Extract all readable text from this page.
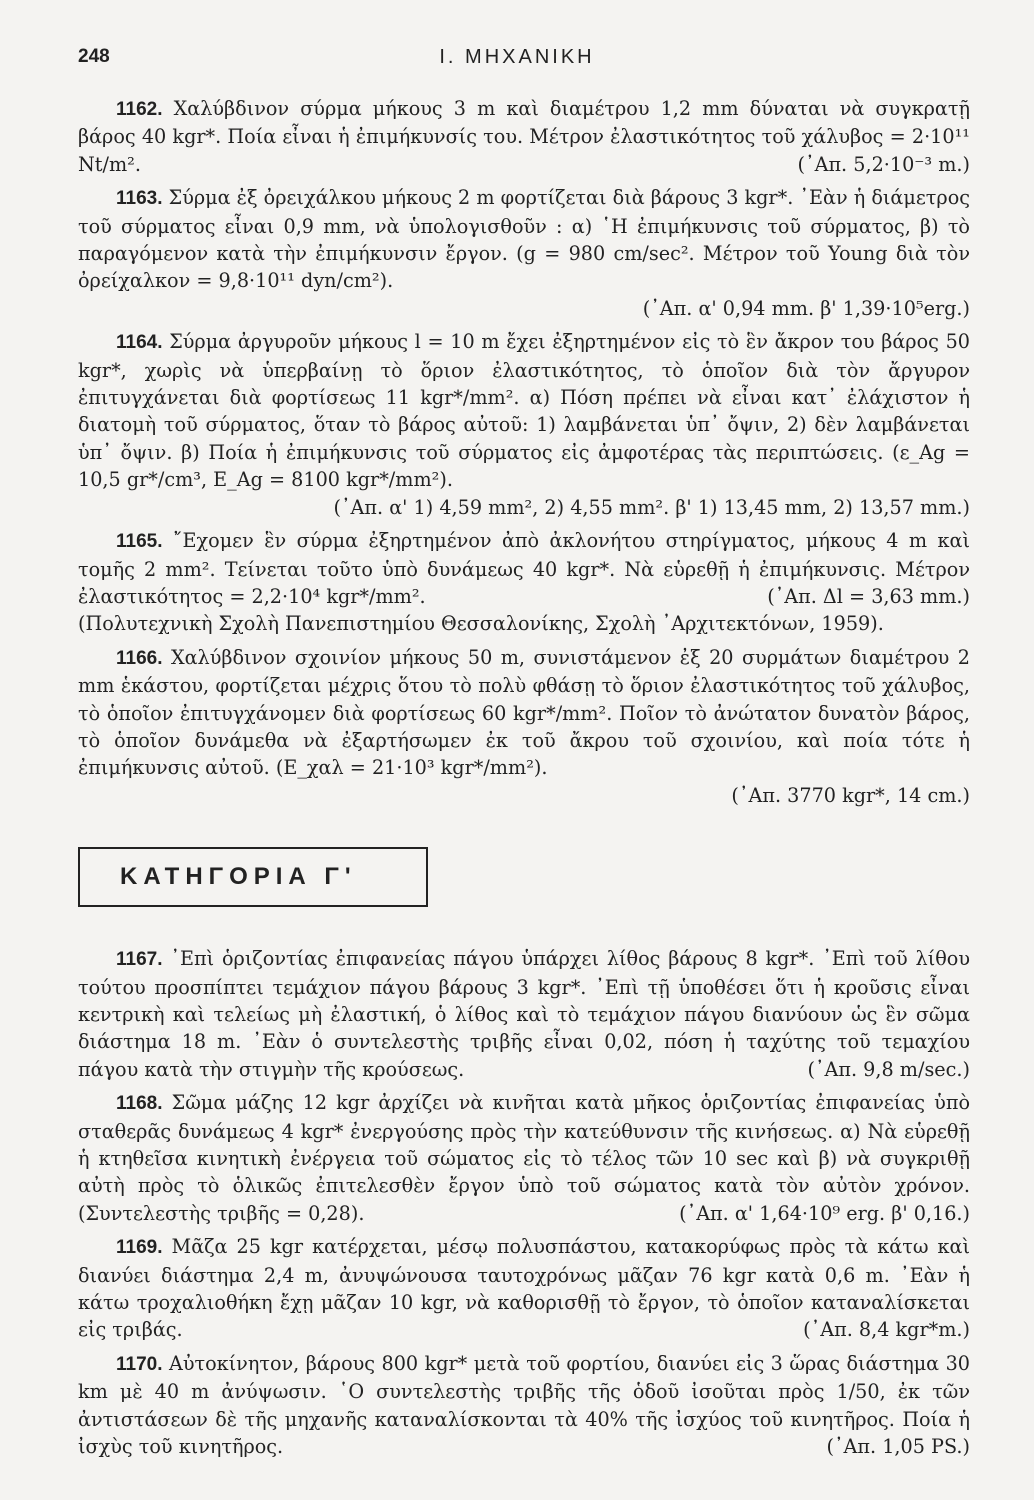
248	Ι. ΜΗΧΑΝΙΚΗ

1162. Χαλύβδινον σύρμα μήκους 3 m καὶ διαμέτρου 1,2 mm δύναται νὰ συγκρατῇ βάρος 40 kgr*. Ποία εἶναι ἡ ἐπιμήκυνσίς του. Μέτρον ἐλαστικότητος τοῦ χάλυβος = 2·10¹¹ Nt/m².	(᾿Απ. 5,2·10⁻³ m.)

1163. Σύρμα ἐξ ὀρειχάλκου μήκους 2 m φορτίζεται διὰ βάρους 3 kgr*. ᾿Εὰν ἡ διάμετρος τοῦ σύρματος εἶναι 0,9 mm, νὰ ὑπολογισθοῦν : α) ῾Η ἐπιμήκυνσις τοῦ σύρματος, β) τὸ παραγόμενον κατὰ τὴν ἐπιμήκυνσιν ἔργον. (g = 980 cm/sec². Μέτρον τοῦ Young διὰ τὸν ὀρείχαλκον = 9,8·10¹¹ dyn/cm²).
(᾿Απ. α' 0,94 mm. β' 1,39·10⁵erg.)

1164. Σύρμα ἀργυροῦν μήκους l = 10 m ἔχει ἐξηρτημένον εἰς τὸ ἓν ἄκρον του βάρος 50 kgr*, χωρὶς νὰ ὑπερβαίνῃ τὸ ὅριον ἐλαστικότητος, τὸ ὁποῖον διὰ τὸν ἄργυρον ἐπιτυγχάνεται διὰ φορτίσεως 11 kgr*/mm². α) Πόση πρέπει νὰ εἶναι κατ᾿ ἐλάχιστον ἡ διατομὴ τοῦ σύρματος, ὅταν τὸ βάρος αὐτοῦ: 1) λαμβάνεται ὑπ᾿ ὄψιν, 2) δὲν λαμβάνεται ὑπ᾿ ὄψιν. β) Ποία ἡ ἐπιμήκυνσις τοῦ σύρματος εἰς ἀμφοτέρας τὰς περιπτώσεις. (ε_Ag = 10,5 gr*/cm³, E_Ag = 8100 kgr*/mm²).
(᾿Απ. α' 1) 4,59 mm², 2) 4,55 mm². β' 1) 13,45 mm, 2) 13,57 mm.)

1165. ῎Εχομεν ἓν σύρμα ἐξηρτημένον ἀπὸ ἀκλονήτου στηρίγματος, μήκους 4 m καὶ τομῆς 2 mm². Τείνεται τοῦτο ὑπὸ δυνάμεως 40 kgr*. Νὰ εὑρεθῇ ἡ ἐπιμήκυνσις. Μέτρον ἐλαστικότητος = 2,2·10⁴ kgr*/mm².	(᾿Απ. Δl = 3,63 mm.)
(Πολυτεχνικὴ Σχολὴ Πανεπιστημίου Θεσσαλονίκης, Σχολὴ ᾿Αρχιτεκτόνων, 1959).

1166. Χαλύβδινον σχοινίον μήκους 50 m, συνιστάμενον ἐξ 20 συρμάτων διαμέτρου 2 mm ἑκάστου, φορτίζεται μέχρις ὅτου τὸ πολὺ φθάσῃ τὸ ὅριον ἐλαστικότητος τοῦ χάλυβος, τὸ ὁποῖον ἐπιτυγχάνομεν διὰ φορτίσεως 60 kgr*/mm². Ποῖον τὸ ἀνώτατον δυνατὸν βάρος, τὸ ὁποῖον δυνάμεθα νὰ ἐξαρτήσωμεν ἐκ τοῦ ἄκρου τοῦ σχοινίου, καὶ ποία τότε ἡ ἐπιμήκυνσις αὐτοῦ. (E_χαλ = 21·10³ kgr*/mm²).
(᾿Απ. 3770 kgr*, 14 cm.)

ΚΑΤΗΓΟΡΙΑ Γ'

1167. ᾿Επὶ ὁριζοντίας ἐπιφανείας πάγου ὑπάρχει λίθος βάρους 8 kgr*. ᾿Επὶ τοῦ λίθου τούτου προσπίπτει τεμάχιον πάγου βάρους 3 kgr*. ᾿Επὶ τῇ ὑποθέσει ὅτι ἡ κροῦσις εἶναι κεντρικὴ καὶ τελείως μὴ ἐλαστική, ὁ λίθος καὶ τὸ τεμάχιον πάγου διανύουν ὡς ἓν σῶμα διάστημα 18 m. ᾿Εὰν ὁ συντελεστὴς τριβῆς εἶναι 0,02, πόση ἡ ταχύτης τοῦ τεμαχίου πάγου κατὰ τὴν στιγμὴν τῆς κρούσεως.	(᾿Απ. 9,8 m/sec.)

1168. Σῶμα μάζης 12 kgr ἀρχίζει νὰ κινῆται κατὰ μῆκος ὁριζοντίας ἐπιφανείας ὑπὸ σταθερᾶς δυνάμεως 4 kgr* ἐνεργούσης πρὸς τὴν κατεύθυνσιν τῆς κινήσεως. α) Νὰ εὑρεθῇ ἡ κτηθεῖσα κινητικὴ ἐνέργεια τοῦ σώματος εἰς τὸ τέλος τῶν 10 sec καὶ β) νὰ συγκριθῇ αὐτὴ πρὸς τὸ ὁλικῶς ἐπιτελεσθὲν ἔργον ὑπὸ τοῦ σώματος κατὰ τὸν αὐτὸν χρόνον. (Συντελεστὴς τριβῆς = 0,28).	(᾿Απ. α' 1,64·10⁹ erg. β' 0,16.)

1169. Μᾶζα 25 kgr κατέρχεται, μέσῳ πολυσπάστου, κατακορύφως πρὸς τὰ κάτω καὶ διανύει διάστημα 2,4 m, ἀνυψώνουσα ταυτοχρόνως μᾶζαν 76 kgr κατὰ 0,6 m. ᾿Εὰν ἡ κάτω τροχαλιοθήκη ἔχῃ μᾶζαν 10 kgr, νὰ καθορισθῇ τὸ ἔργον, τὸ ὁποῖον καταναλίσκεται εἰς τριβάς.	(᾿Απ. 8,4 kgr*m.)

1170. Αὐτοκίνητον, βάρους 800 kgr* μετὰ τοῦ φορτίου, διανύει εἰς 3 ὥρας διάστημα 30 km μὲ 40 m ἀνύψωσιν. ῾Ο συντελεστὴς τριβῆς τῆς ὁδοῦ ἰσοῦται πρὸς 1/50, ἐκ τῶν ἀντιστάσεων δὲ τῆς μηχανῆς καταναλίσκονται τὰ 40% τῆς ἰσχύος τοῦ κινητῆρος. Ποία ἡ ἰσχὺς τοῦ κινητῆρος.	(᾿Απ. 1,05 PS.)
